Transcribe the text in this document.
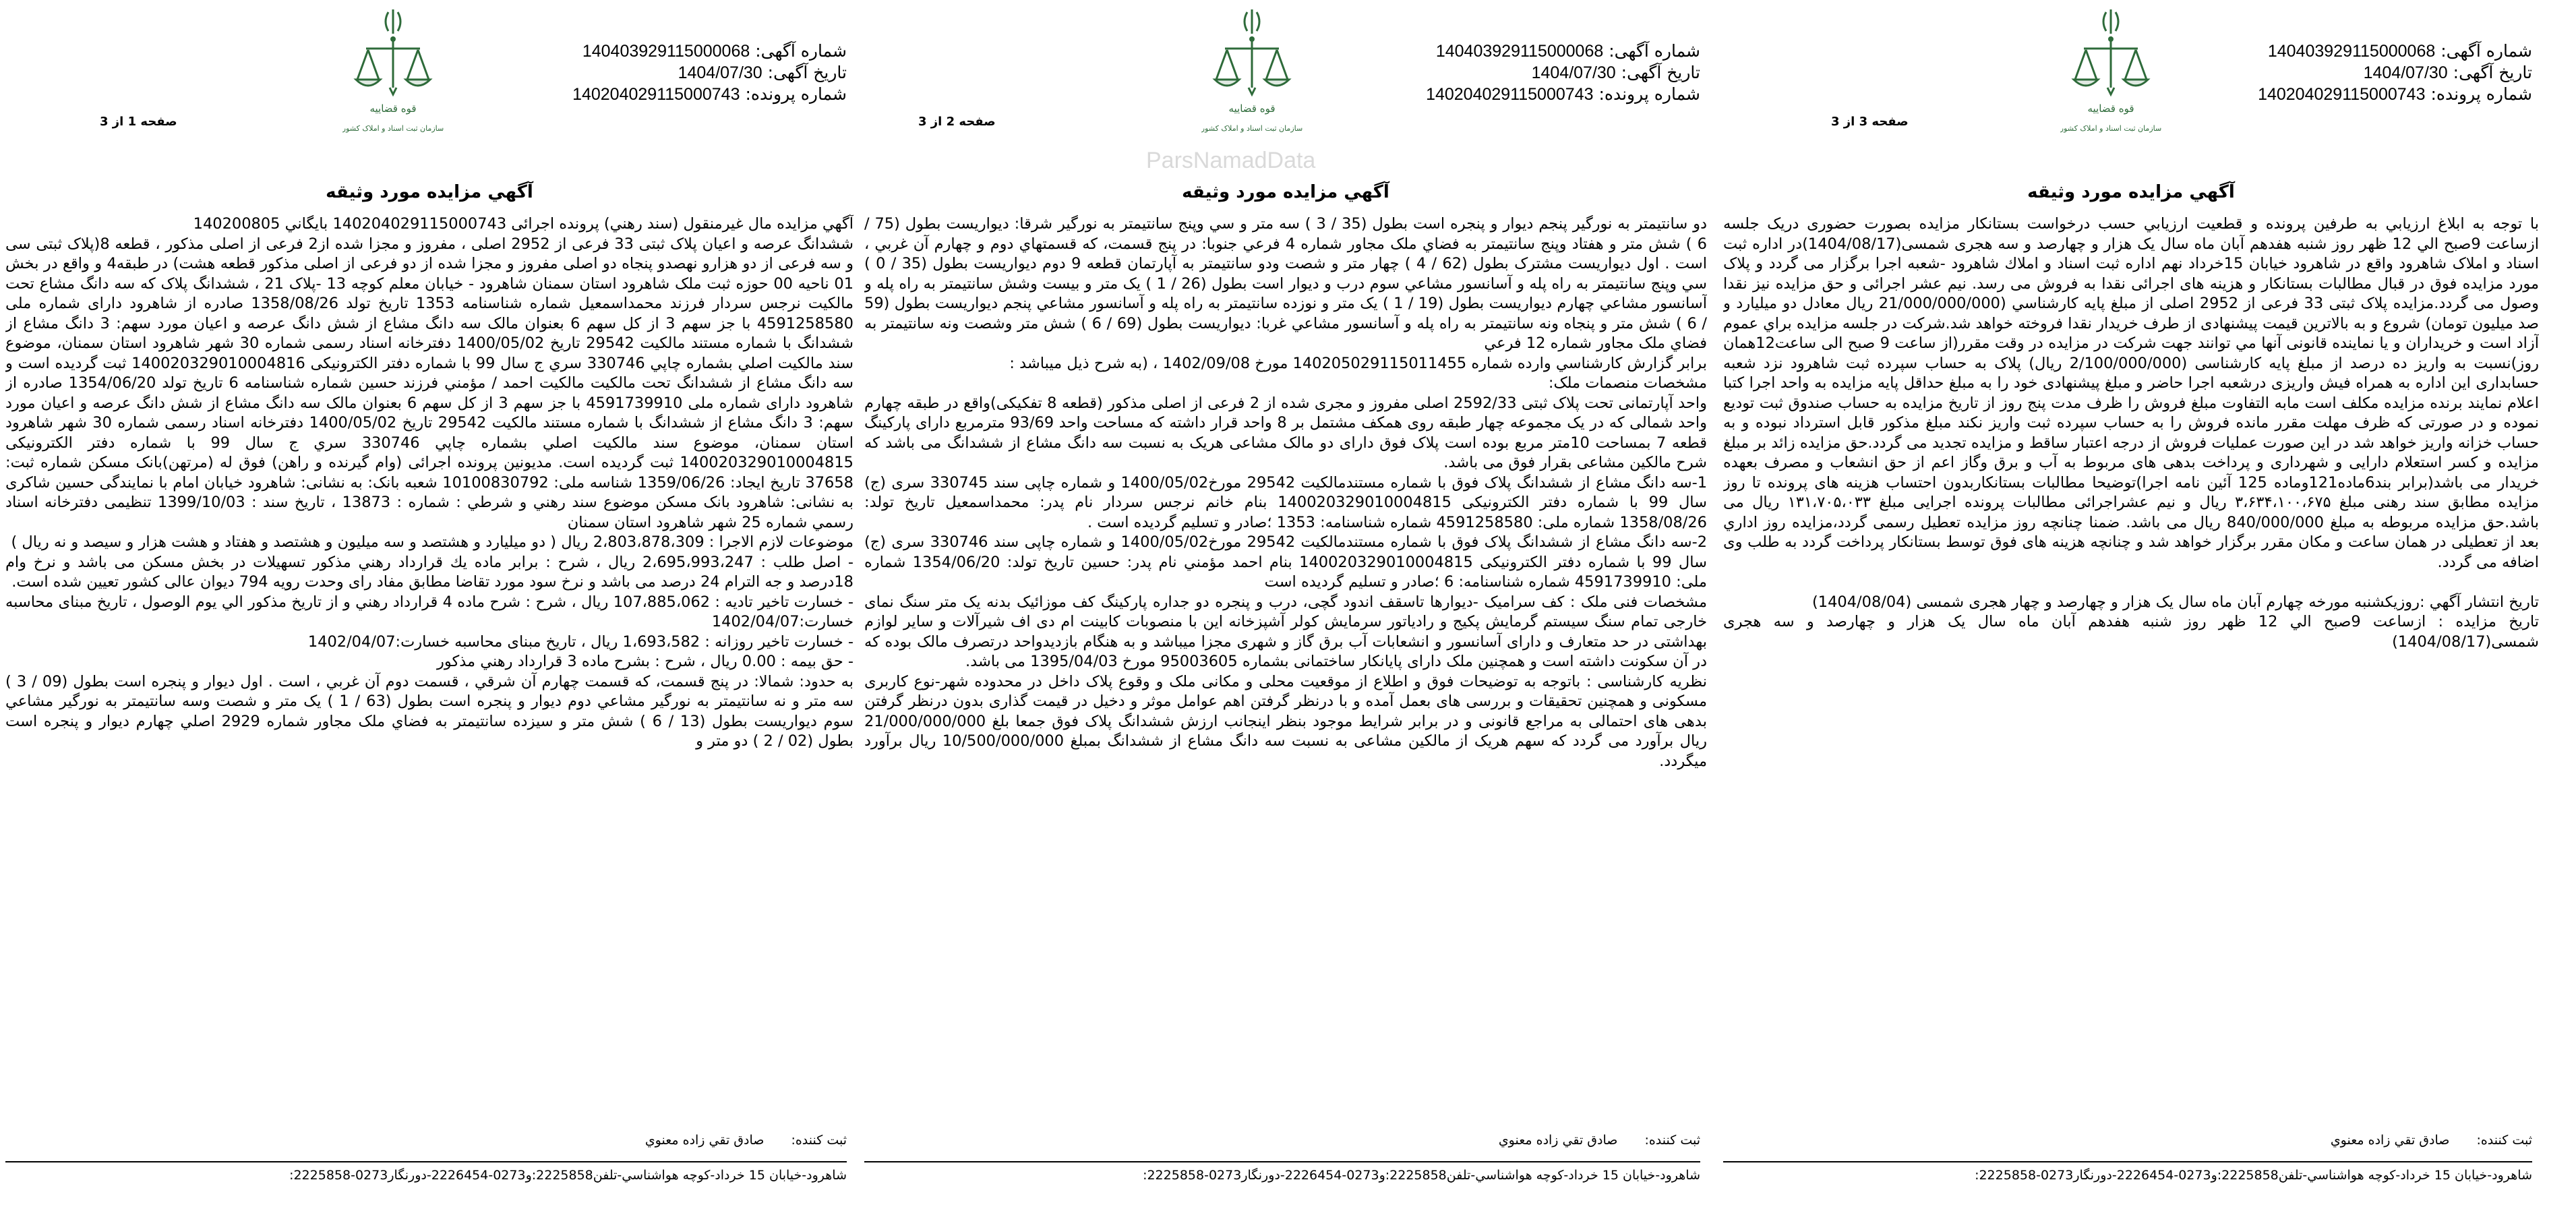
قوه قضاییه
سازمان ثبت اسناد و املاک کشور
شماره آگهی: 140403929115000068
تاریخ آگهی: 1404/07/30
شماره پرونده: 140204029115000743
صفحه 3 از 3
آگهي مزايده مورد وثيقه

با توجه به ابلاغ ارزيابي به طرفين پرونده و قطعيت ارزيابي حسب درخواست بستانكار مزايده بصورت حضوری دريک جلسه ازساعت 9صبح الي 12 ظهر روز شنبه هفدهم آبان ماه سال یک هزار و چهارصد و سه هجری شمسی(1404/08/17)در اداره ثبت اسناد و املاک شاهرود واقع در شاهرود خيابان 15خرداد نهم اداره ثبت اسناد و املاك شاهرود -شعبه اجرا برگزار می گردد و پلاک مورد مزایده فوق در قبال مطالبات بستانکار و هزینه های اجرائی نقدا به فروش می رسد. نیم عشر اجرائی و حق مزایده نیز نقدا وصول می گردد.مزایده پلاک ثبتی 33 فرعی از 2952 اصلی از مبلغ پایه کارشناسي (21/000/000/000 ریال معادل دو میلیارد و صد میلیون تومان) شروع و به بالاترین قیمت پیشنهادی از طرف خریدار نقدا فروخته خواهد شد.شرکت در جلسه مزایده براي عموم آزاد است و خریداران و یا نماینده قانونی آنها مي توانند جهت شرکت در مزایده در وقت مقرر(از ساعت 9 صبح الی ساعت12همان روز)نسبت به واریز ده درصد از مبلغ پایه کارشناسی (2/100/000/000 ریال) پلاک به حساب سپرده ثبت شاهرود نزد شعبه حسابداری این اداره به همراه فیش واریزی درشعبه اجرا حاضر و مبلغ پیشنهادی خود را به مبلغ حداقل پایه مزایده به واحد اجرا کتبا اعلام نمایند برنده مزایده مکلف است مابه التفاوت مبلغ فروش را ظرف مدت پنج روز از تاریخ مزایده به حساب صندوق ثبت تودیع نموده و در صورتی که ظرف مهلت مقرر مانده فروش را به حساب سپرده ثبت واریز نکند مبلغ مذکور قابل استرداد نبوده و به حساب خزانه واریز خواهد شد در این صورت عملیات فروش از درجه اعتبار ساقط و مزایده تجدید می گردد.حق مزایده زائد بر مبلغ مزایده و کسر استعلام دارایی و شهرداری و پرداخت بدهی های مربوط به آب و برق وگاز اعم از حق انشعاب و مصرف بعهده خریدار می باشد(برابر بند6ماده121وماده 125 آئین نامه اجرا)توضیحا مطالبات بستانکاربدون احتساب هزینه های پرونده تا روز مزایده مطابق سند رهنی مبلغ ۳،۶۳۴،۱۰۰،۶۷۵ ریال و نیم عشراجرائی مطالبات پرونده اجرایی مبلغ ۱۳۱،۷۰۵،۰۳۳ ریال می باشد.حق مزایده مربوطه به مبلغ 840/000/000 ریال می باشد. ضمنا چنانچه روز مزایده تعطیل رسمی گردد،مزایده روز اداري بعد از تعطیلی در همان ساعت و مکان مقرر برگزار خواهد شد و چنانچه هزینه های فوق توسط بستانکار پرداخت گردد به طلب وی اضافه می گردد.

تاريخ انتشار آگهي :روزیکشنبه مورخه چهارم آبان ماه سال یک هزار و چهارصد و چهار هجری شمسی (1404/08/04)

تاريخ مزايده : ازساعت 9صبح الي 12 ظهر روز شنبه هفدهم آبان ماه سال یک هزار و چهارصد و سه هجری شمسی(1404/08/17)

ثبت کننده:صادق تقي زاده معنوي
شاهرود-خيابان 15 خرداد-کوچه هواشناسي-تلفن2225858:و0273-2226454-دورنگار0273-2225858:
قوه قضاییه
سازمان ثبت اسناد و املاک کشور
شماره آگهی: 140403929115000068
تاریخ آگهی: 1404/07/30
شماره پرونده: 140204029115000743
صفحه 2 از 3
آگهي مزايده مورد وثيقه

دو سانتیمتر به نورگیر پنجم دیوار و پنجره است بطول (35 / 3 ) سه متر و سي وپنج سانتیمتر به نورگیر شرقا: دیواریست بطول (75 / 6 ) شش متر و هفتاد وپنج سانتیمتر به فضاي ملک مجاور شماره 4 فرعي جنوبا: در پنج قسمت، كه قسمتهاي دوم و چهارم آن غربي ، است . اول دیواریست مشترک بطول (62 / 4 ) چهار متر و شصت ودو سانتیمتر به آپارتمان قطعه 9 دوم دیواریست بطول (35 / 0 ) سي وپنج سانتیمتر به راه پله و آسانسور مشاعي سوم درب و دیوار است بطول (26 / 1 ) یک متر و بیست وشش سانتیمتر به راه پله و آسانسور مشاعي چهارم دیواریست بطول (19 / 1 ) یک متر و نوزده سانتیمتر به راه پله و آسانسور مشاعي پنجم دیواریست بطول (59 / 6 ) شش متر و پنجاه ونه سانتیمتر به راه پله و آسانسور مشاعي غربا: دیواریست بطول (69 / 6 ) شش متر وشصت ونه سانتیمتر به فضاي ملک مجاور شماره 12 فرعي

برابر گزارش کارشناسي وارده شماره 140205029115011455 مورخ 1402/09/08 ، (به شرح ذیل میباشد :

مشخصات منصمات ملک:

واحد آپارتمانی تحت پلاک ثبتی 2592/33 اصلی مفروز و مجری شده از 2 فرعی از اصلی مذکور (قطعه 8 تفکیکی)واقع در طبقه چهارم واحد شمالی که در یک مجموعه چهار طبقه روی همکف مشتمل بر 8 واحد قرار داشته که مساحت واحد 93/69 مترمربع دارای پارکینگ قطعه 7 بمساحت 10متر مربع بوده است پلاک فوق دارای دو مالک مشاعی هریک به نسبت سه دانگ مشاع از ششدانگ می باشد که شرح مالکین مشاعی بقرار فوق می باشد.

1-سه دانگ مشاع از ششدانگ پلاک فوق با شماره مستندمالکیت 29542 مورخ1400/05/02 و شماره چاپی سند 330745 سری (ج) سال 99 با شماره دفتر الکترونیکی 140020329010004815 بنام خانم نرجس سردار نام پدر: محمداسمعیل تاریخ تولد: 1358/08/26 شماره ملی: 4591258580 شماره شناسنامه: 1353 ؛صادر و تسلیم گردیده است .

2-سه دانگ مشاع از ششدانگ پلاک فوق با شماره مستندمالکیت 29542 مورخ1400/05/02 و شماره چاپی سند 330746 سری (ج) سال 99 با شماره دفتر الکترونیکی 140020329010004815 بنام احمد مؤمني نام پدر: حسین تاریخ تولد: 1354/06/20 شماره ملی: 4591739910 شماره شناسنامه: 6 ؛صادر و تسلیم گردیده است

مشخصات فنی ملک : کف سرامیک -دیوارها تاسقف اندود گچی، درب و پنجره دو جداره پارکینگ کف موزائیک بدنه یک متر سنگ نمای خارجی تمام سنگ سیستم گرمایش پکیج و رادیاتور سرمایش کولر آشپزخانه این با منصوبات کابینت ام دی اف شیرآلات و سایر لوازم بهداشتی در حد متعارف و دارای آسانسور و انشعابات آب برق گاز و شهری مجزا میباشد و به هنگام بازدیدواحد درتصرف مالک بوده که در آن سکونت داشته است و همچنین ملک دارای پایانکار ساختمانی بشماره 95003605 مورخ 1395/04/03 می باشد.

نظریه کارشناسی : باتوجه به توضیحات فوق و اطلاع از موقعیت محلی و مکانی ملک و وقوع پلاک داخل در محدوده شهر-نوع کاربری مسکونی و همچنین تحقیقات و بررسی های بعمل آمده و با درنظر گرفتن اهم عوامل موثر و دخیل در قیمت گذاری بدون درنظر گرفتن بدهی های احتمالی به مراجع قانونی و در برابر شرایط موجود بنظر اینجانب ارزش ششدانگ پلاک فوق جمعا بلغ 21/000/000/000 ریال برآورد می گردد که سهم هریک از مالکین مشاعی به نسبت سه دانگ مشاع از ششدانگ بمبلغ 10/500/000/000 ریال برآورد میگردد.

ثبت کننده:صادق تقي زاده معنوي
شاهرود-خيابان 15 خرداد-کوچه هواشناسي-تلفن2225858:و0273-2226454-دورنگار0273-2225858:
قوه قضاییه
سازمان ثبت اسناد و املاک کشور
شماره آگهی: 140403929115000068
تاریخ آگهی: 1404/07/30
شماره پرونده: 140204029115000743
صفحه 1 از 3
آگهي مزايده مورد وثيقه

آگهي مزايده مال غيرمنقول (سند رهني) پرونده اجرائی 140204029115000743 بايگاني 140200805

ششدانگ عرصه و اعیان پلاک ثبتی 33 فرعی از 2952 اصلی ، مفروز و مجزا شده از2 فرعی از اصلی مذکور ، قطعه 8(پلاک ثبتی سی و سه فرعی از دو هزارو نهصدو پنجاه دو اصلی مفروز و مجزا شده از دو فرعی از اصلی مذکور قطعه هشت) در طبقه4 و واقع در بخش 01 ناحیه 00 حوزه ثبت ملک شاهرود استان سمنان شاهرود - خیابان معلم کوچه 13 -پلاک 21 ، ششدانگ پلاک که سه دانگ مشاع تحت مالکیت نرجس سردار فرزند محمداسمعیل شماره شناسنامه 1353 تاریخ تولد 1358/08/26 صادره از شاهرود دارای شماره ملی 4591258580 با جز سهم 3 از کل سهم 6 بعنوان مالک سه دانگ مشاع از شش دانگ عرصه و اعیان مورد سهم: 3 دانگ مشاع از ششدانگ با شماره مستند مالکیت 29542 تاریخ 1400/05/02 دفترخانه اسناد رسمی شماره 30 شهر شاهرود استان سمنان، موضوع سند مالکیت اصلي بشماره چاپي 330746 سري ج سال 99 با شماره دفتر الکترونیکی 140020329010004816 ثبت گردیده است و سه دانگ مشاع از ششدانگ تحت مالکیت مالکیت احمد / مؤمني فرزند حسین شماره شناسنامه 6 تاریخ تولد 1354/06/20 صادره از شاهرود دارای شماره ملی 4591739910 با جز سهم 3 از کل سهم 6 بعنوان مالک سه دانگ مشاع از شش دانگ عرصه و اعیان مورد سهم: 3 دانگ مشاع از ششدانگ با شماره مستند مالکیت 29542 تاریخ 1400/05/02 دفترخانه اسناد رسمی شماره 30 شهر شاهرود استان سمنان، موضوع سند مالکیت اصلي بشماره چاپي 330746 سري ج سال 99 با شماره دفتر الکترونیکی 140020329010004815 ثبت گردیده است. مدیونین پرونده اجرائی (وام گیرنده و راهن) فوق له (مرتهن)بانک مسکن شماره ثبت: 37658 تاریخ ایجاد: 1359/06/26 شناسه ملی: 10100830792 شعبه بانک: به نشانی: شاهرود خیابان امام با نمایندگی حسین شاکری به نشانی: شاهرود بانک مسکن موضوع سند رهني و شرطي : شماره : 13873 ، تاریخ سند : 1399/10/03 تنظیمی دفترخانه اسناد رسمي شماره 25 شهر شاهرود استان سمنان

موضوعات لازم الاجرا : 2،803،878،309 ریال ( دو میلیارد و هشتصد و سه میلیون و هشتصد و هفتاد و هشت هزار و سیصد و نه ریال )

- اصل طلب : 2،695،993،247 ریال ، شرح : برابر ماده یك قرارداد رهني مذکور تسهیلات در بخش مسکن می باشد و نرخ وام 18درصد و جه الترام 24 درصد می باشد و نرخ سود مورد تقاضا مطابق مفاد رای وحدت رویه 794 دیوان عالی کشور تعیین شده است.

- خسارت تاخیر تادیه : 107،885،062 ریال ، شرح : شرح ماده 4 قرارداد رهني و از تاریخ مذکور الي یوم الوصول ، تاریخ مبنای محاسبه خسارت:1402/04/07

- خسارت تاخیر روزانه : 1،693،582 ریال ، تاریخ مبنای محاسبه خسارت:1402/04/07

- حق بیمه : 0.00 ریال ، شرح : بشرح ماده 3 قرارداد رهني مذکور

به حدود: شمالا: در پنج قسمت، که قسمت چهارم آن شرقي ، قسمت دوم آن غربي ، است . اول دیوار و پنجره است بطول (09 / 3 ) سه متر و نه سانتیمتر به نورگیر مشاعي دوم دیوار و پنجره است بطول (63 / 1 ) یک متر و شصت وسه سانتیمتر به نورگیر مشاعي سوم دیواریست بطول (13 / 6 ) شش متر و سیزده سانتیمتر به فضاي ملک مجاور شماره 2929 اصلي چهارم دیوار و پنجره است بطول (02 / 2 ) دو متر و

ثبت کننده:صادق تقي زاده معنوي
شاهرود-خيابان 15 خرداد-کوچه هواشناسي-تلفن2225858:و0273-2226454-دورنگار0273-2225858:
ParsNamadData
